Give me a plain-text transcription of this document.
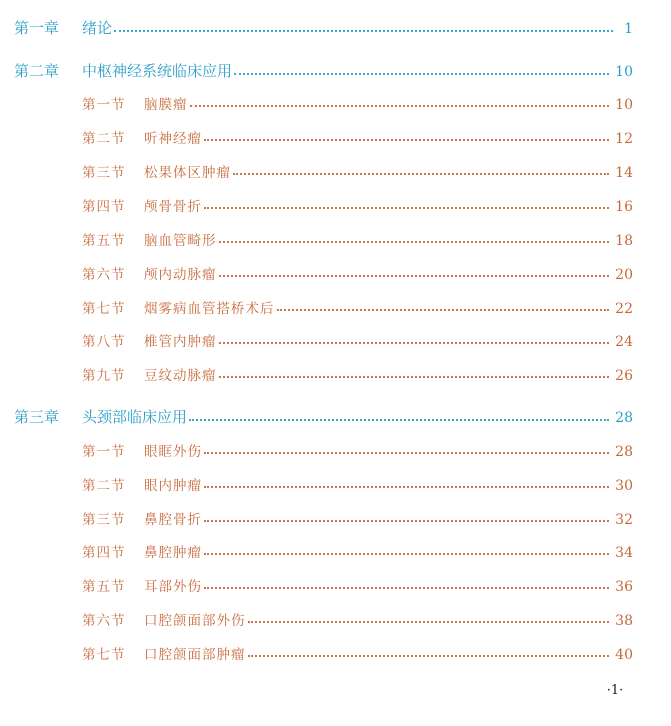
第一章	绪论	1
第二章	中枢神经系统临床应用	10
第一节	脑膜瘤	10
第二节	听神经瘤	12
第三节	松果体区肿瘤	14
第四节	颅骨骨折	16
第五节	脑血管畸形	18
第六节	颅内动脉瘤	20
第七节	烟雾病血管搭桥术后	22
第八节	椎管内肿瘤	24
第九节	豆纹动脉瘤	26
第三章	头颈部临床应用	28
第一节	眼眶外伤	28
第二节	眼内肿瘤	30
第三节	鼻腔骨折	32
第四节	鼻腔肿瘤	34
第五节	耳部外伤	36
第六节	口腔颌面部外伤	38
第七节	口腔颌面部肿瘤	40
·1·
